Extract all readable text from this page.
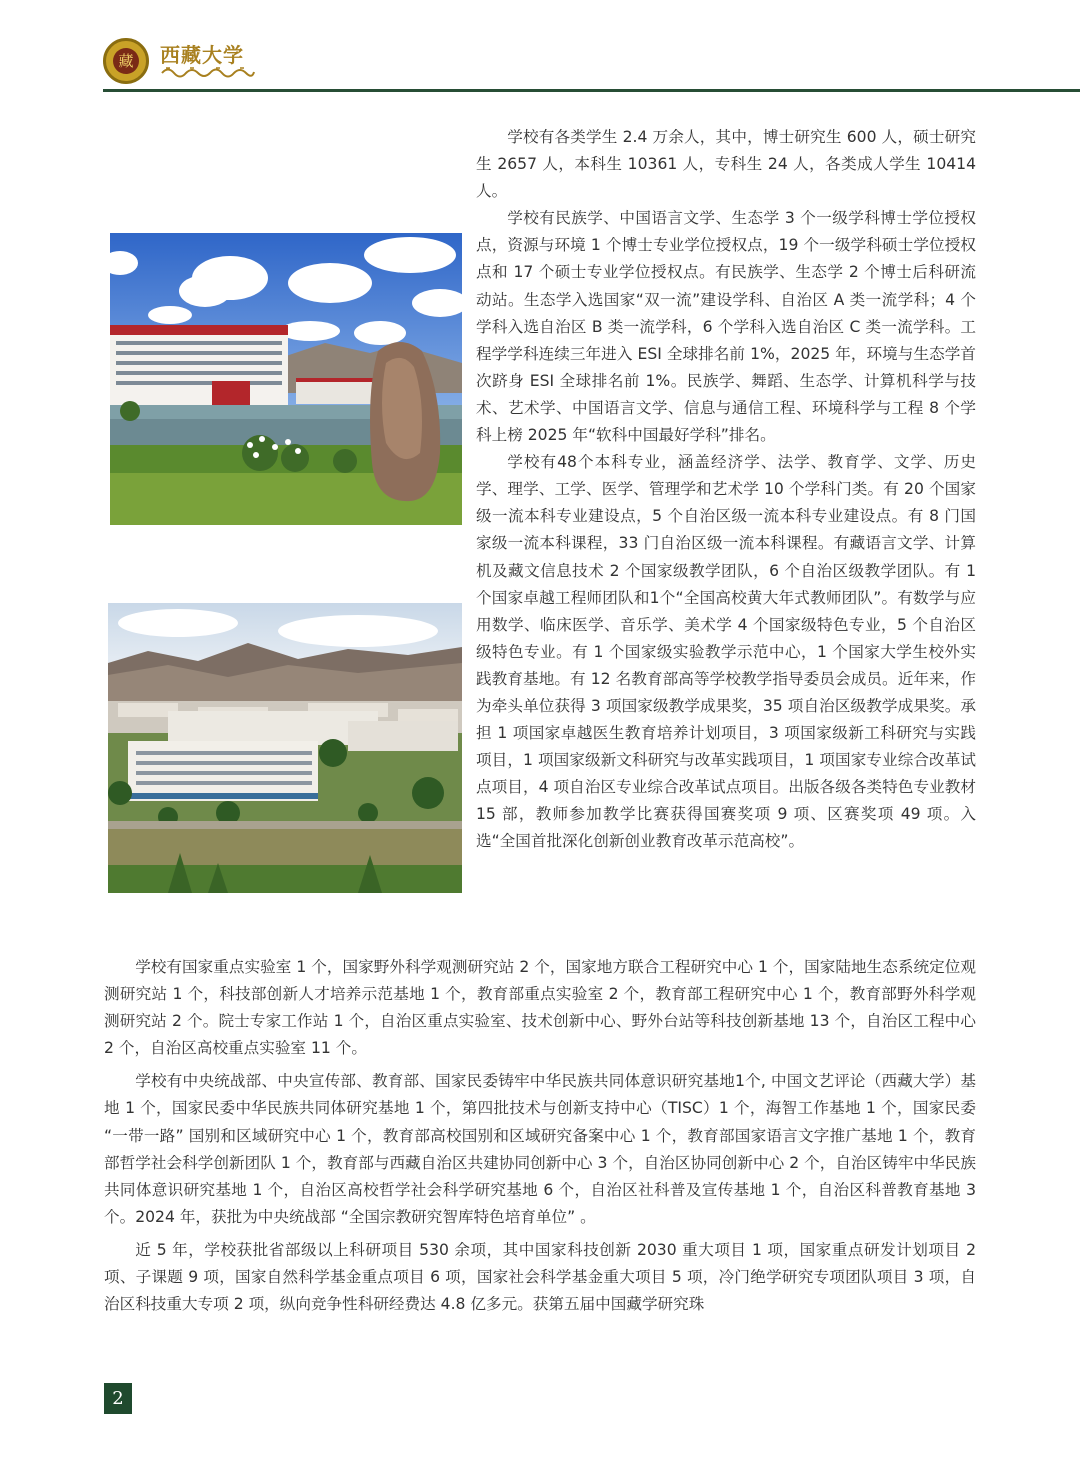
藏 西藏大学

学校有各类学生 2.4 万余人，其中，博士研究生 600 人，硕士研究生 2657 人，本科生 10361 人，专科生 24 人，各类成人学生 10414 人。

学校有民族学、中国语言文学、生态学 3 个一级学科博士学位授权点，资源与环境 1 个博士专业学位授权点，19 个一级学科硕士学位授权点和 17 个硕士专业学位授权点。有民族学、生态学 2 个博士后科研流动站。生态学入选国家“双一流”建设学科、自治区 A 类一流学科；4 个学科入选自治区 B 类一流学科，6 个学科入选自治区 C 类一流学科。工程学学科连续三年进入 ESI 全球排名前 1%，2025 年，环境与生态学首次跻身 ESI 全球排名前 1%。民族学、舞蹈、生态学、计算机科学与技术、艺术学、中国语言文学、信息与通信工程、环境科学与工程 8 个学科上榜 2025 年“软科中国最好学科”排名。

学校有48个本科专业，涵盖经济学、法学、教育学、文学、历史学、理学、工学、医学、管理学和艺术学 10 个学科门类。有 20 个国家级一流本科专业建设点，5 个自治区级一流本科专业建设点。有 8 门国家级一流本科课程，33 门自治区级一流本科课程。有藏语言文学、计算机及藏文信息技术 2 个国家级教学团队，6 个自治区级教学团队。有 1 个国家卓越工程师团队和1个“全国高校黄大年式教师团队”。有数学与应用数学、临床医学、音乐学、美术学 4 个国家级特色专业，5 个自治区级特色专业。有 1 个国家级实验教学示范中心，1 个国家大学生校外实践教育基地。有 12 名教育部高等学校教学指导委员会成员。近年来，作为牵头单位获得 3 项国家级教学成果奖，35 项自治区级教学成果奖。承担 1 项国家卓越医生教育培养计划项目，3 项国家级新工科研究与实践项目，1 项国家级新文科研究与改革实践项目，1 项国家专业综合改革试点项目，4 项自治区专业综合改革试点项目。出版各级各类特色专业教材 15 部，教师参加教学比赛获得国赛奖项 9 项、区赛奖项 49 项。入选“全国首批深化创新创业教育改革示范高校”。

学校有国家重点实验室 1 个，国家野外科学观测研究站 2 个，国家地方联合工程研究中心 1 个，国家陆地生态系统定位观测研究站 1 个，科技部创新人才培养示范基地 1 个，教育部重点实验室 2 个，教育部工程研究中心 1 个，教育部野外科学观测研究站 2 个。院士专家工作站 1 个，自治区重点实验室、技术创新中心、野外台站等科技创新基地 13 个，自治区工程中心 2 个，自治区高校重点实验室 11 个。

学校有中央统战部、中央宣传部、教育部、国家民委铸牢中华民族共同体意识研究基地1个, 中国文艺评论（西藏大学）基地 1 个，国家民委中华民族共同体研究基地 1 个，第四批技术与创新支持中心（TISC）1 个，海智工作基地 1 个，国家民委 “一带一路” 国别和区域研究中心 1 个，教育部高校国别和区域研究备案中心 1 个，教育部国家语言文字推广基地 1 个，教育部哲学社会科学创新团队 1 个，教育部与西藏自治区共建协同创新中心 3 个，自治区协同创新中心 2 个，自治区铸牢中华民族共同体意识研究基地 1 个，自治区高校哲学社会科学研究基地 6 个，自治区社科普及宣传基地 1 个，自治区科普教育基地 3 个。2024 年，获批为中央统战部 “全国宗教研究智库特色培育单位” 。

近 5 年，学校获批省部级以上科研项目 530 余项，其中国家科技创新 2030 重大项目 1 项，国家重点研发计划项目 2 项、子课题 9 项，国家自然科学基金重点项目 6 项，国家社会科学基金重大项目 5 项，冷门绝学研究专项团队项目 3 项，自治区科技重大专项 2 项，纵向竞争性科研经费达 4.8 亿多元。获第五届中国藏学研究珠

2
